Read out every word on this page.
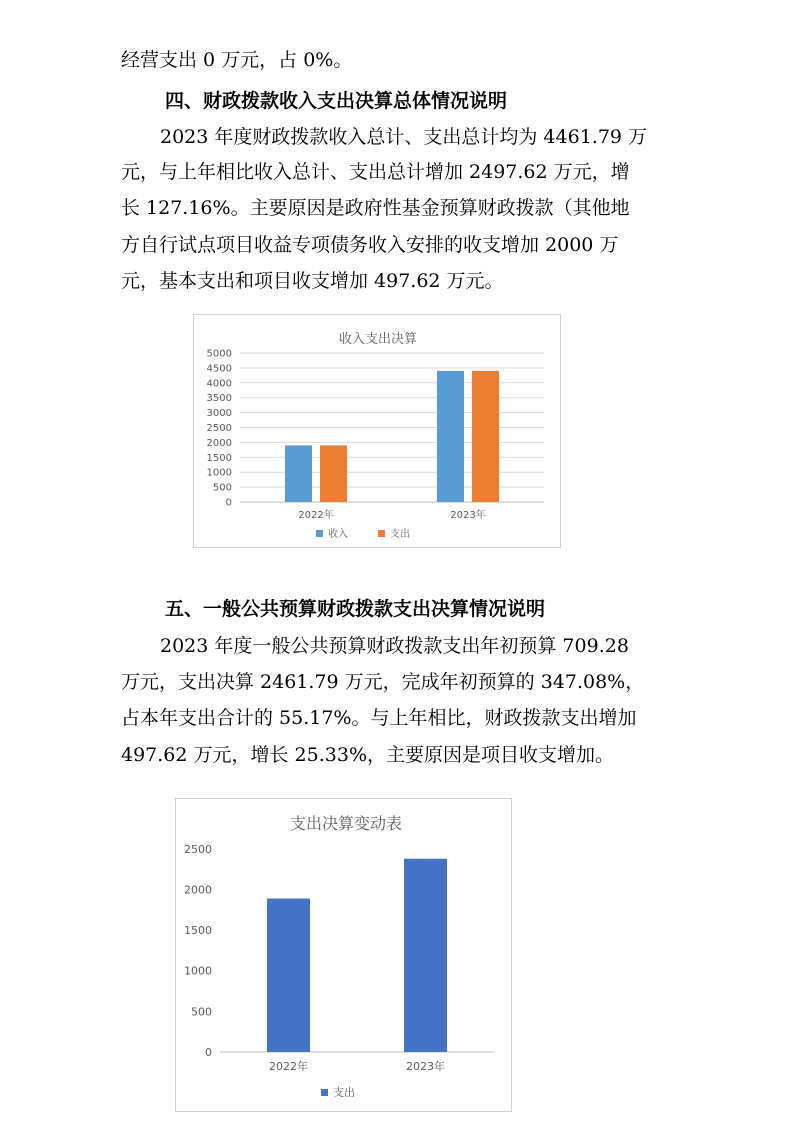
经营支出 0 万元，占 0%。
四、财政拨款收入支出决算总体情况说明
2023 年度财政拨款收入总计、支出总计均为 4461.79 万
元，与上年相比收入总计、支出总计增加 2497.62 万元，增
长 127.16%。主要原因是政府性基金预算财政拨款（其他地
方自行试点项目收益专项债务收入安排的收支增加 2000 万
元，基本支出和项目收支增加 497.62 万元。
收入支出决算
0
500
1000
1500
2000
2500
3000
3500
4000
4500
5000
2022年	2023年
收入	支出
五、一般公共预算财政拨款支出决算情况说明
2023 年度一般公共预算财政拨款支出年初预算 709.28
万元，支出决算 2461.79 万元，完成年初预算的 347.08%，
占本年支出合计的 55.17%。与上年相比，财政拨款支出增加
497.62 万元，增长 25.33%，主要原因是项目收支增加。
支出决算变动表
0
500
1000
1500
2000
2500
2022年	2023年
支出
